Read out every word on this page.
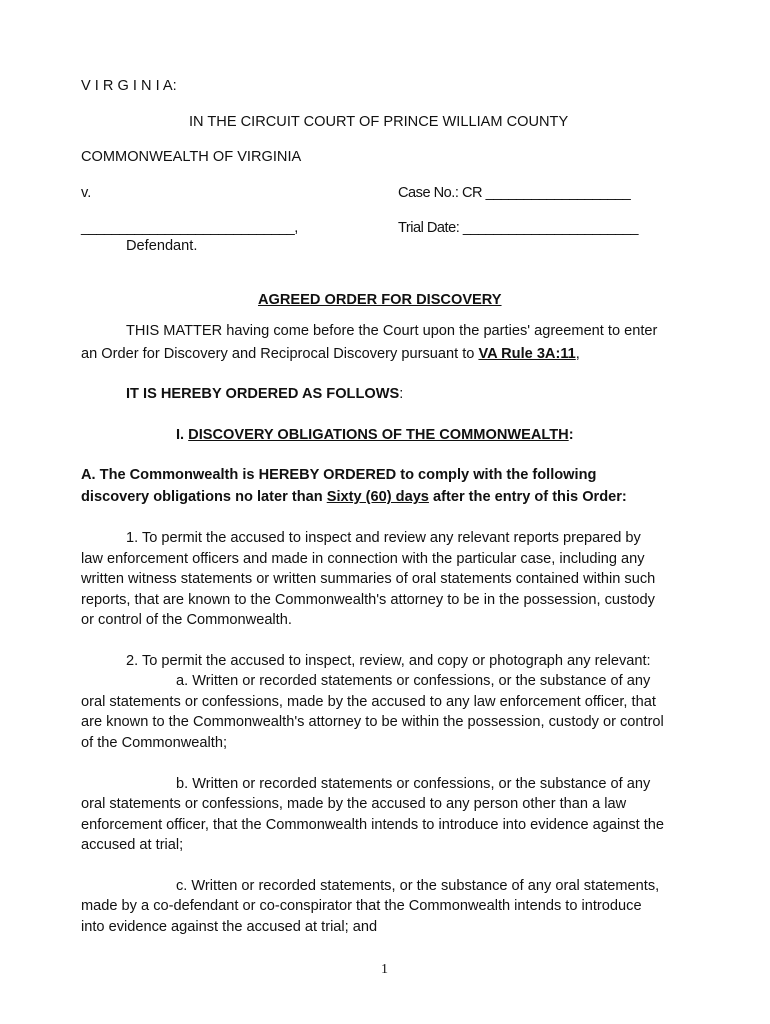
V I R G I N I A:

IN THE CIRCUIT COURT OF PRINCE WILLIAM COUNTY

COMMONWEALTH OF VIRGINIA

v.	Case No.: CR ___________________

____________________________,	Trial Date: _______________________

Defendant.

AGREED ORDER FOR DISCOVERY

THIS MATTER having come before the Court upon the parties' agreement to enter

an Order for Discovery and Reciprocal Discovery pursuant to VA Rule 3A:11,

IT IS HEREBY ORDERED AS FOLLOWS:

I. DISCOVERY OBLIGATIONS OF THE COMMONWEALTH:

A. The Commonwealth is HEREBY ORDERED to comply with the following

discovery obligations no later than Sixty (60) days after the entry of this Order:

1. To permit the accused to inspect and review any relevant reports prepared by

law enforcement officers and made in connection with the particular case, including any

written witness statements or written summaries of oral statements contained within such

reports, that are known to the Commonwealth's attorney to be in the possession, custody

or control of the Commonwealth.

2. To permit the accused to inspect, review, and copy or photograph any relevant:

a. Written or recorded statements or confessions, or the substance of any

oral statements or confessions, made by the accused to any law enforcement officer, that

are known to the Commonwealth's attorney to be within the possession, custody or control

of the Commonwealth;

b. Written or recorded statements or confessions, or the substance of any

oral statements or confessions, made by the accused to any person other than a law

enforcement officer, that the Commonwealth intends to introduce into evidence against the

accused at trial;

c. Written or recorded statements, or the substance of any oral statements,

made by a co-defendant or co-conspirator that the Commonwealth intends to introduce

into evidence against the accused at trial; and

1
